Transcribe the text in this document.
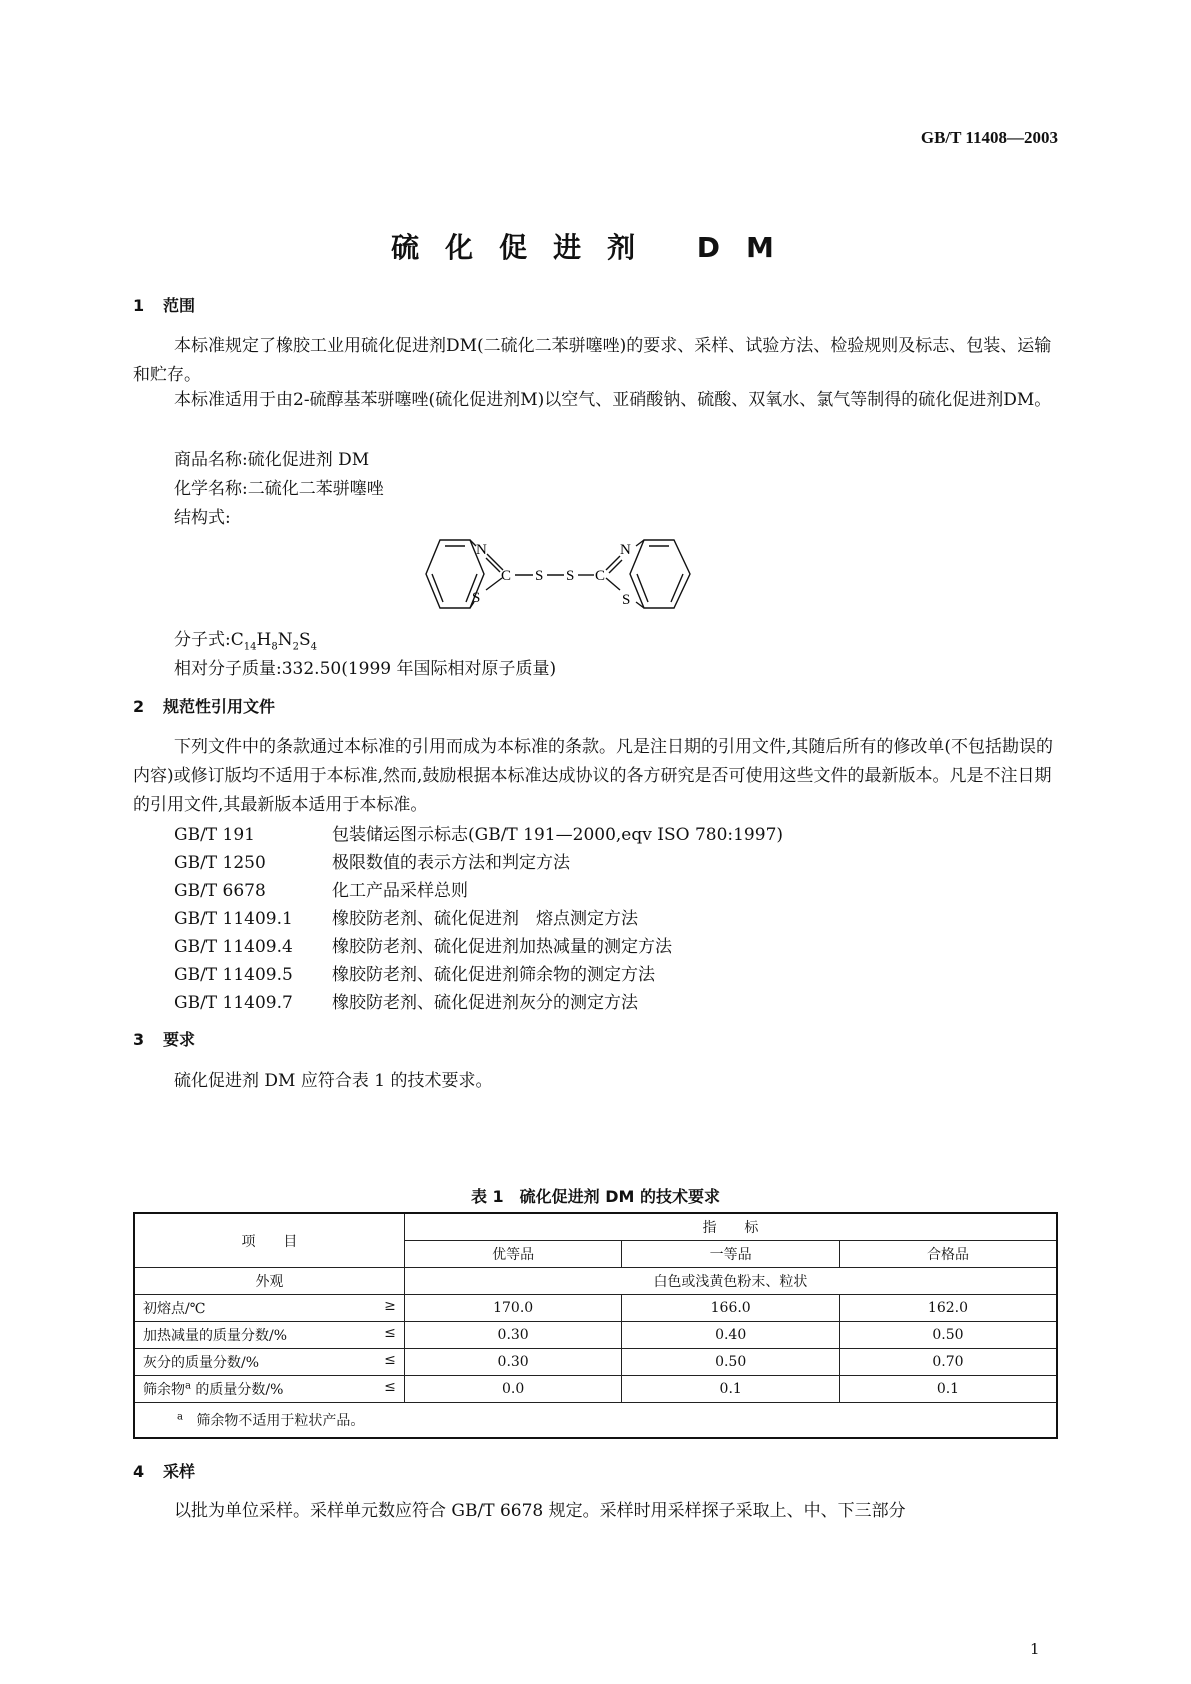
GB/T 11408—2003
硫化促进剂 DM
1 范围
本标准规定了橡胶工业用硫化促进剂DM(二硫化二苯骈噻唑)的要求、采样、试验方法、检验规则及标志、包装、运输和贮存。
本标准适用于由2-硫醇基苯骈噻唑(硫化促进剂M)以空气、亚硝酸钠、硫酸、双氧水、氯气等制得的硫化促进剂DM。
商品名称:硫化促进剂 DM
化学名称:二硫化二苯骈噻唑
结构式:
N
S
C S S C
N
S
分子式$:C_{14}H_8N_2S_4$
相对分子质量:332.50(1999 年国际相对原子质量)
2 规范性引用文件
下列文件中的条款通过本标准的引用而成为本标准的条款。凡是注日期的引用文件,其随后所有的修改单(不包括勘误的内容)或修订版均不适用于本标准,然而,鼓励根据本标准达成协议的各方研究是否可使用这些文件的最新版本。凡是不注日期的引用文件,其最新版本适用于本标准。
GB/T 191	包装储运图示标志(GB/T 191—2000,eqv ISO 780:1997)
GB/T 1250	极限数值的表示方法和判定方法
GB/T 6678	化工产品采样总则
GB/T 11409.1 橡胶防老剂、硫化促进剂　熔点测定方法
GB/T 11409.4 橡胶防老剂、硫化促进剂加热减量的测定方法
GB/T 11409.5 橡胶防老剂、硫化促进剂筛余物的测定方法
GB/T 11409.7 橡胶防老剂、硫化促进剂灰分的测定方法
3 要求
硫化促进剂 DM 应符合表 1 的技术要求。
表 1　硫化促进剂 DM 的技术要求
项　　目	指　　标		
	优等品	一等品	合格品
外观	白色或浅黄色粉末、粒状		
初熔点/℃ ≥	170.0	166.0	162.0
加热减量的质量分数/% ≤	0.30	0.40	0.50
灰分的质量分数/% ≤	0.30	0.50	0.70
筛余物$^a$ 的质量分数/% ≤	0.0	0.1	0.1
$^a$ 筛余物不适用于粒状产品。			
4 采样
以批为单位采样。采样单元数应符合 GB/T 6678 规定。采样时用采样探子采取上、中、下三部分
1
